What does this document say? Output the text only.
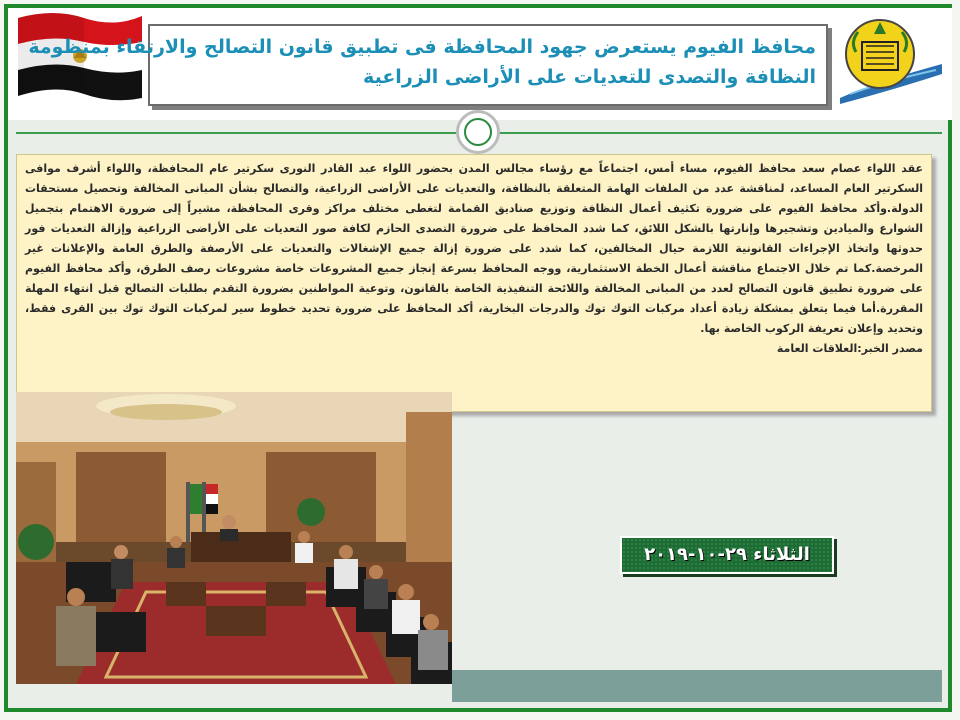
محافظ الفيوم يستعرض جهود المحافظة فى تطبيق قانون التصالح والارتقاء بمنظومة
النظافة والتصدى للتعديات على الأراضى الزراعية

عقد اللواء عصام سعد محافظ الفيوم، مساء أمس، اجتماعاً مع رؤساء مجالس المدن بحضور اللواء عبد القادر النورى سكرتير عام المحافظة، واللواء أشرف موافى السكرتير العام المساعد، لمناقشة عدد من الملفات الهامة المتعلقة بالنظافة، والتعديات على الأراضى الزراعية، والتصالح بشأن المبانى المخالفة وتحصيل مستحقات الدولة.وأكد محافظ الفيوم على ضرورة تكثيف أعمال النظافة وتوزيع صناديق القمامة لتغطى مختلف مراكز وقرى المحافظة، مشيراً إلى ضرورة الاهتمام بتجميل الشوارع والميادين وتشجيرها وإنارتها بالشكل اللائق، كما شدد المحافظ على ضرورة التصدى الحازم لكافة صور التعديات على الأراضى الزراعية وإزالة التعديات فور حدوثها واتخاذ الإجراءات القانونية اللازمة حيال المخالفين، كما شدد على ضرورة إزالة جميع الإشغالات والتعديات على الأرصفة والطرق العامة والإعلانات غير المرخصة.كما تم خلال الاجتماع مناقشة أعمال الخطة الاستثمارية، ووجه المحافظ بسرعة إنجاز جميع المشروعات خاصة مشروعات رصف الطرق، وأكد محافظ الفيوم على ضرورة تطبيق قانون التصالح لعدد من المبانى المخالفة واللائحة التنفيذية الخاصة بالقانون، وتوعية المواطنين بضرورة التقدم بطلبات التصالح قبل انتهاء المهلة المقررة.أما فيما يتعلق بمشكلة زيادة أعداد مركبات التوك توك والدرجات البخارية، أكد المحافظ على ضرورة تحديد خطوط سير لمركبات التوك توك بين القرى فقط، وتحديد وإعلان تعريفة الركوب الخاصة بها.

مصدر الخبر:العلاقات العامة

الثلاثاء ٢٩-١٠-٢٠١٩
